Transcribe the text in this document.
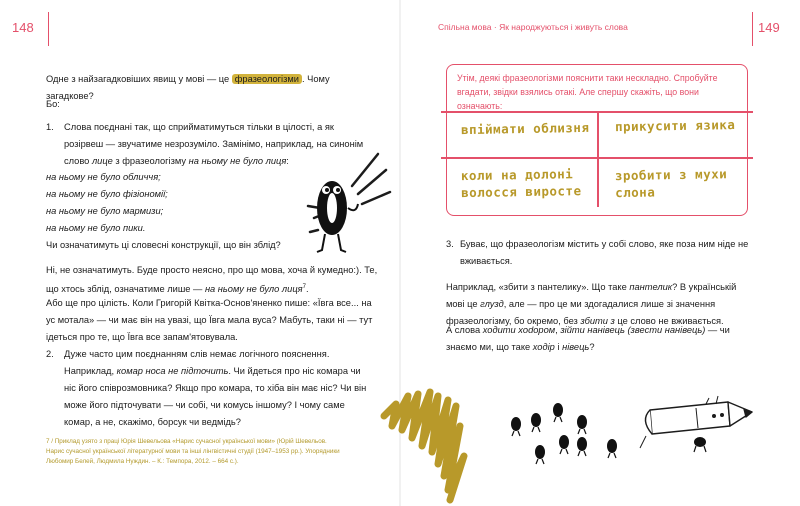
148	149
Спільна мова · Як народжуються і живуть слова
Одне з найзагадковіших явищ у мові — це фразеологізми . Чому загадкове?
Бо:
1. Слова поєднані так, що сприйматимуться тільки в цілості, а як розірвеш — звучатиме незрозуміло. Замінімо, наприклад, на синонім слово лице з фразеологізму на ньому не було лиця:

на ньому не було обличчя;

на ньому не було фізіономії;

на ньому не було мармизи;

на ньому не було пики.

Чи означатимуть ці словесні конструкції, що він зблід?
Ні, не означатимуть. Буде просто неясно, про що мова, хоча й кумедно:). Те, що хтось зблід, означатиме лише — на ньому не було лиця$^7$.
Або ще про цілість. Коли Григорій Квітка-Основ'яненко пише: «Ївга все... на ус мотала» — чи має він на увазі, що Ївга мала вуса? Мабуть, таки ні — тут ідеться про те, що Ївга все запам'ятовувала.
2. Дуже часто цим поєднанням слів немає логічного пояснення. Наприклад, комар носа не підточить. Чи йдеться про ніс комара чи ніс його співрозмовника? Якщо про комара, то хіба він має ніс? Чи він може його підточувати — чи собі, чи комусь іншому? І чому саме комар, а не, скажімо, борсук чи ведмідь?
7 / Приклад узято з праці Юрія Шевельова «Нарис сучасної української мови» (Юрій Шевельов. Нарис сучасної української літературної мови та інші лінгвістичні студії (1947–1953 рр.). Упорядники Любомир Белей, Людмила Нуждин. – К.: Темпора, 2012. – 664 с.).
Утім, деякі фразеологізми пояснити таки нескладно. Спробуйте вгадати, звідки взялись отакі. Але спершу скажіть, що вони означають:
впіймати облизня прикусити язика
коли на долоні волосся виросте
зробити з мухи слона
3. Буває, що фразеологізм містить у собі слово, яке поза ним ніде не вживається.
Наприклад, «збити з пантелику». Що таке пантелик? В українській мові це глузд, але — про це ми здогадалися лише зі значення фразеологізму, бо окремо, без збити з це слово не вживається.
А слова ходити хodором, зійти нанівець (звести нанівець) — чи знаємо ми, що таке ходір і нівець?
